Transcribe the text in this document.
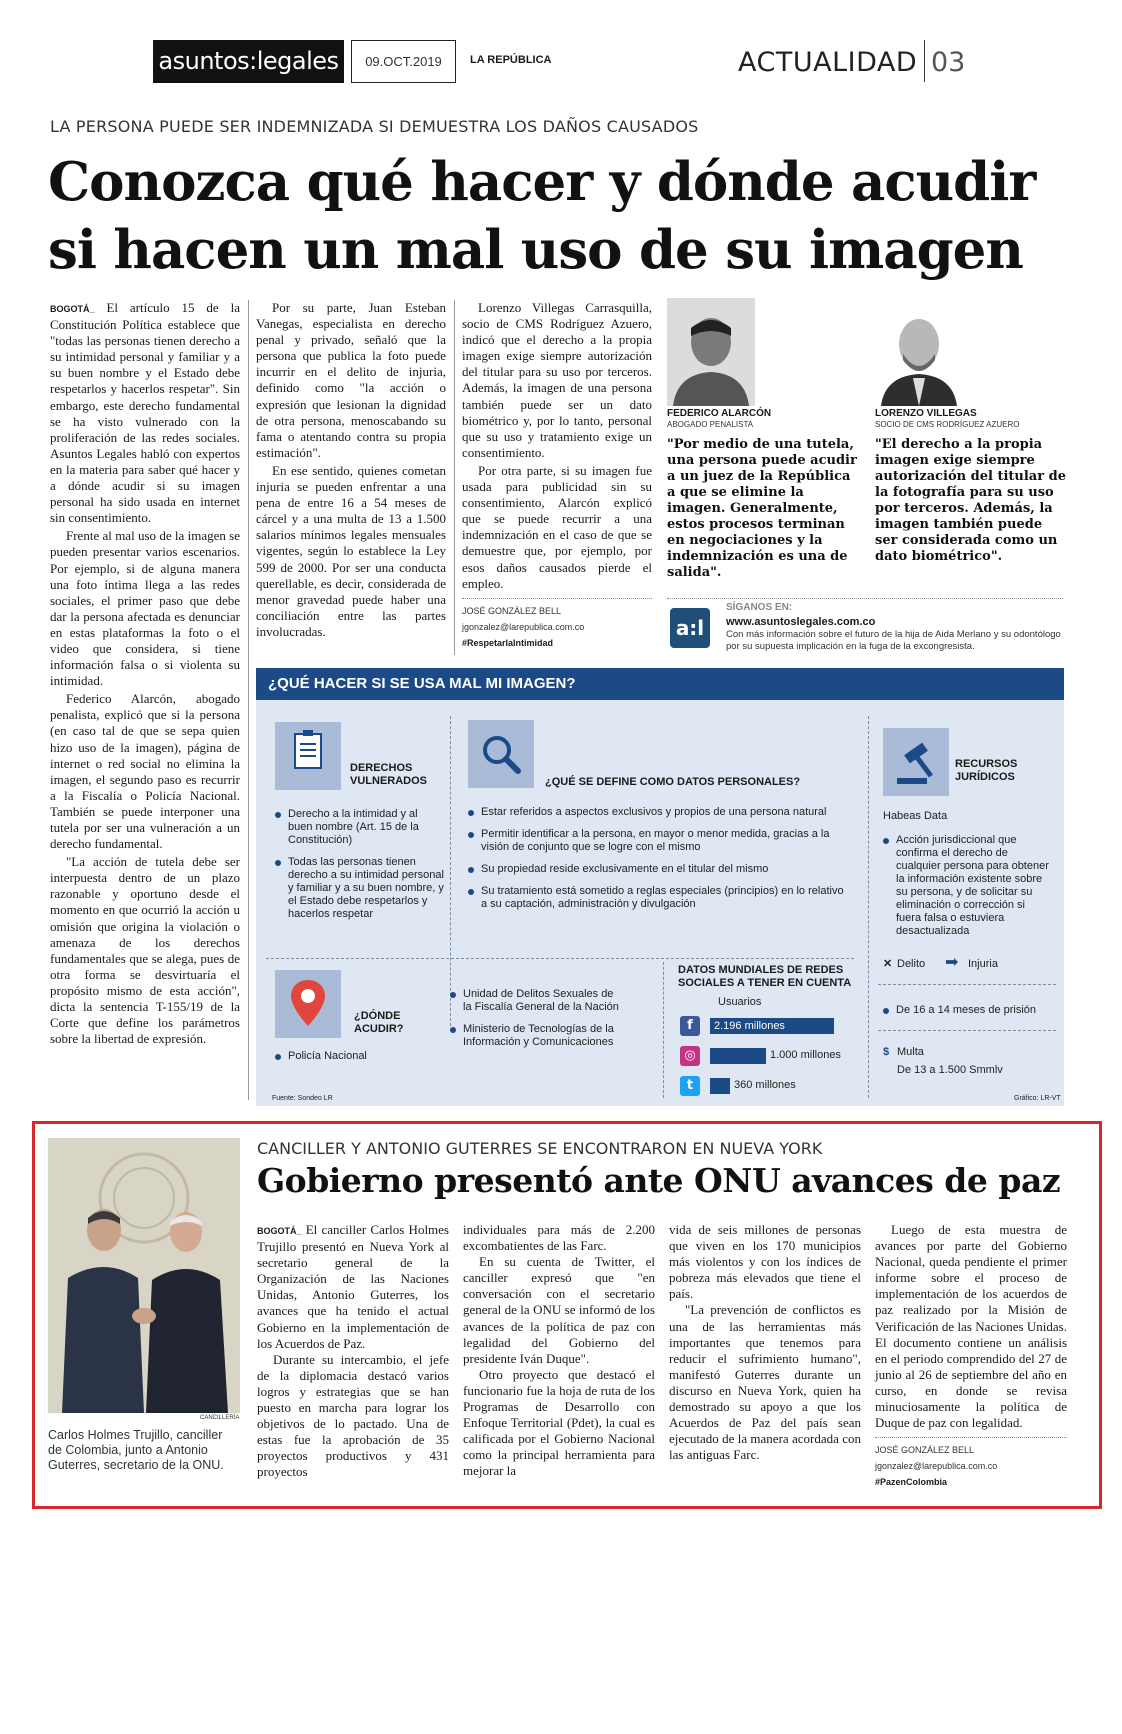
asuntos:legales	09.OCT.2019	LA REPÚBLICA	ACTUALIDAD 03
LA PERSONA PUEDE SER INDEMNIZADA SI DEMUESTRA LOS DAÑOS CAUSADOS
Conozca qué hacer y dónde acudir si hacen un mal uso de su imagen

BOGOTÁ_ El artículo 15 de la Constitución Política establece que "todas las personas tienen derecho a su intimidad personal y familiar y a su buen nombre y el Estado debe respetarlos y hacerlos respetar". Sin embargo, este derecho fundamental se ha visto vulnerado con la proliferación de las redes sociales. Asuntos Legales habló con expertos en la materia para saber qué hacer y a dónde acudir si su imagen personal ha sido usada en internet sin consentimiento.

Frente al mal uso de la imagen se pueden presentar varios escenarios. Por ejemplo, si de alguna manera una foto íntima llega a las redes sociales, el primer paso que debe dar la persona afectada es denunciar en estas plataformas la foto o el video que considera, si tiene información falsa o si violenta su intimidad.

Federico Alarcón, abogado penalista, explicó que si la persona (en caso tal de que se sepa quien hizo uso de la imagen), página de internet o red social no elimina la imagen, el segundo paso es recurrir a la Fiscalía o Policía Nacional. También se puede interponer una tutela por ser una vulneración a un derecho fundamental.

"La acción de tutela debe ser interpuesta dentro de un plazo razonable y oportuno desde el momento en que ocurrió la acción u omisión que origina la violación o amenaza de los derechos fundamentales que se alega, pues de otra forma se desvirtuaría el propósito mismo de esta acción", dicta la sentencia T-155/19 de la Corte que define los parámetros sobre la libertad de expresión.

Por su parte, Juan Esteban Vanegas, especialista en derecho penal y privado, señaló que la persona que publica la foto puede incurrir en el delito de injuria, definido como "la acción o expresión que lesionan la dignidad de otra persona, menoscabando su fama o atentando contra su propia estimación".

En ese sentido, quienes cometan injuria se pueden enfrentar a una pena de entre 16 a 54 meses de cárcel y a una multa de 13 a 1.500 salarios mínimos legales mensuales vigentes, según lo establece la Ley 599 de 2000. Por ser una conducta querellable, es decir, considerada de menor gravedad puede haber una conciliación entre las partes involucradas.

Lorenzo Villegas Carrasquilla, socio de CMS Rodríguez Azuero, indicó que el derecho a la propia imagen exige siempre autorización del titular para su uso por terceros. Además, la imagen de una persona también puede ser un dato biométrico y, por lo tanto, personal que su uso y tratamiento exige un consentimiento.

Por otra parte, si su imagen fue usada para publicidad sin su consentimiento, Alarcón explicó que se puede recurrir a una indemnización en el caso de que se demuestre que, por ejemplo, por esos daños causados pierde el empleo.

JOSÉ GONZÁLEZ BELL
jgonzalez@larepublica.com.co
#RespetarlaIntimidad
FEDERICO ALARCÓN
ABOGADO PENALISTA
"Por medio de una tutela, una persona puede acudir a un juez de la República a que se elimine la imagen. Generalmente, estos procesos terminan en negociaciones y la indemnización es una de salida".
LORENZO VILLEGAS
SOCIO DE CMS RODRÍGUEZ AZUERO
"El derecho a la propia imagen exige siempre autorización del titular de la fotografía para su uso por terceros. Además, la imagen también puede ser considerada como un dato biométrico".
a:l
SÍGANOS EN:
www.asuntoslegales.com.co
Con más información sobre el futuro de la hija de Aida Merlano y su odontólogo por su supuesta implicación en la fuga de la excongresista.
¿QUÉ HACER SI SE USA MAL MI IMAGEN?
DERECHOS VULNERADOS
Derecho a la intimidad y al buen nombre (Art. 15 de la Constitución)
Todas las personas tienen derecho a su intimidad personal y familiar y a su buen nombre, y el Estado debe respetarlos y hacerlos respetar
¿QUÉ SE DEFINE COMO DATOS PERSONALES?
Estar referidos a aspectos exclusivos y propios de una persona natural
Permitir identificar a la persona, en mayor o menor medida, gracias a la visión de conjunto que se logre con el mismo
Su propiedad reside exclusivamente en el titular del mismo
Su tratamiento está sometido a reglas especiales (principios) en lo relativo a su captación, administración y divulgación
¿DÓNDE ACUDIR?
Policía Nacional
Unidad de Delitos Sexuales de la Fiscalía General de la Nación
Ministerio de Tecnologías de la Información y Comunicaciones
DATOS MUNDIALES DE REDES SOCIALES A TENER EN CUENTA
Usuarios
f
◎
t
2.196 millones
1.000 millones
360 millones
RECURSOS JURÍDICOS
Habeas Data
Acción jurisdiccional que confirma el derecho de cualquier persona para obtener la información existente sobre su persona, y de solicitar su eliminación o corrección si fuera falsa o estuviera desactualizada
✕ Delito ➡ Injuria
De 16 a 14 meses de prisión
$ Multa
De 13 a 1.500 Smmlv
Fuente: Sondeo LR	Gráfico: LR-VT
CANCILLERÍA
Carlos Holmes Trujillo, canciller de Colombia, junto a Antonio Guterres, secretario de la ONU.
CANCILLER Y ANTONIO GUTERRES SE ENCONTRARON EN NUEVA YORK
Gobierno presentó ante ONU avances de paz

BOGOTÁ_ El canciller Carlos Holmes Trujillo presentó en Nueva York al secretario general de la Organización de las Naciones Unidas, Antonio Guterres, los avances que ha tenido el actual Gobierno en la implementación de los Acuerdos de Paz.

Durante su intercambio, el jefe de la diplomacia destacó varios logros y estrategias que se han puesto en marcha para lograr los objetivos de lo pactado. Una de estas fue la aprobación de 35 proyectos productivos y 431 proyectos

individuales para más de 2.200 excombatientes de las Farc.

En su cuenta de Twitter, el canciller expresó que "en conversación con el secretario general de la ONU se informó de los avances de la política de paz con legalidad del Gobierno del presidente Iván Duque".

Otro proyecto que destacó el funcionario fue la hoja de ruta de los Programas de Desarrollo con Enfoque Territorial (Pdet), la cual es calificada por el Gobierno Nacional como la principal herramienta para mejorar la

vida de seis millones de personas que viven en los 170 municipios más violentos y con los índices de pobreza más elevados que tiene el país.

"La prevención de conflictos es una de las herramientas más importantes que tenemos para reducir el sufrimiento humano", manifestó Guterres durante un discurso en Nueva York, quien ha demostrado su apoyo a que los Acuerdos de Paz del país sean ejecutado de la manera acordada con las antiguas Farc.

Luego de esta muestra de avances por parte del Gobierno Nacional, queda pendiente el primer informe sobre el proceso de implementación de los acuerdos de paz realizado por la Misión de Verificación de las Naciones Unidas. El documento contiene un análisis en el periodo comprendido del 27 de junio al 26 de septiembre del año en curso, en donde se revisa minuciosamente la política de Duque de paz con legalidad.

JOSÉ GONZÁLEZ BELL
jgonzalez@larepublica.com.co
#PazenColombia
